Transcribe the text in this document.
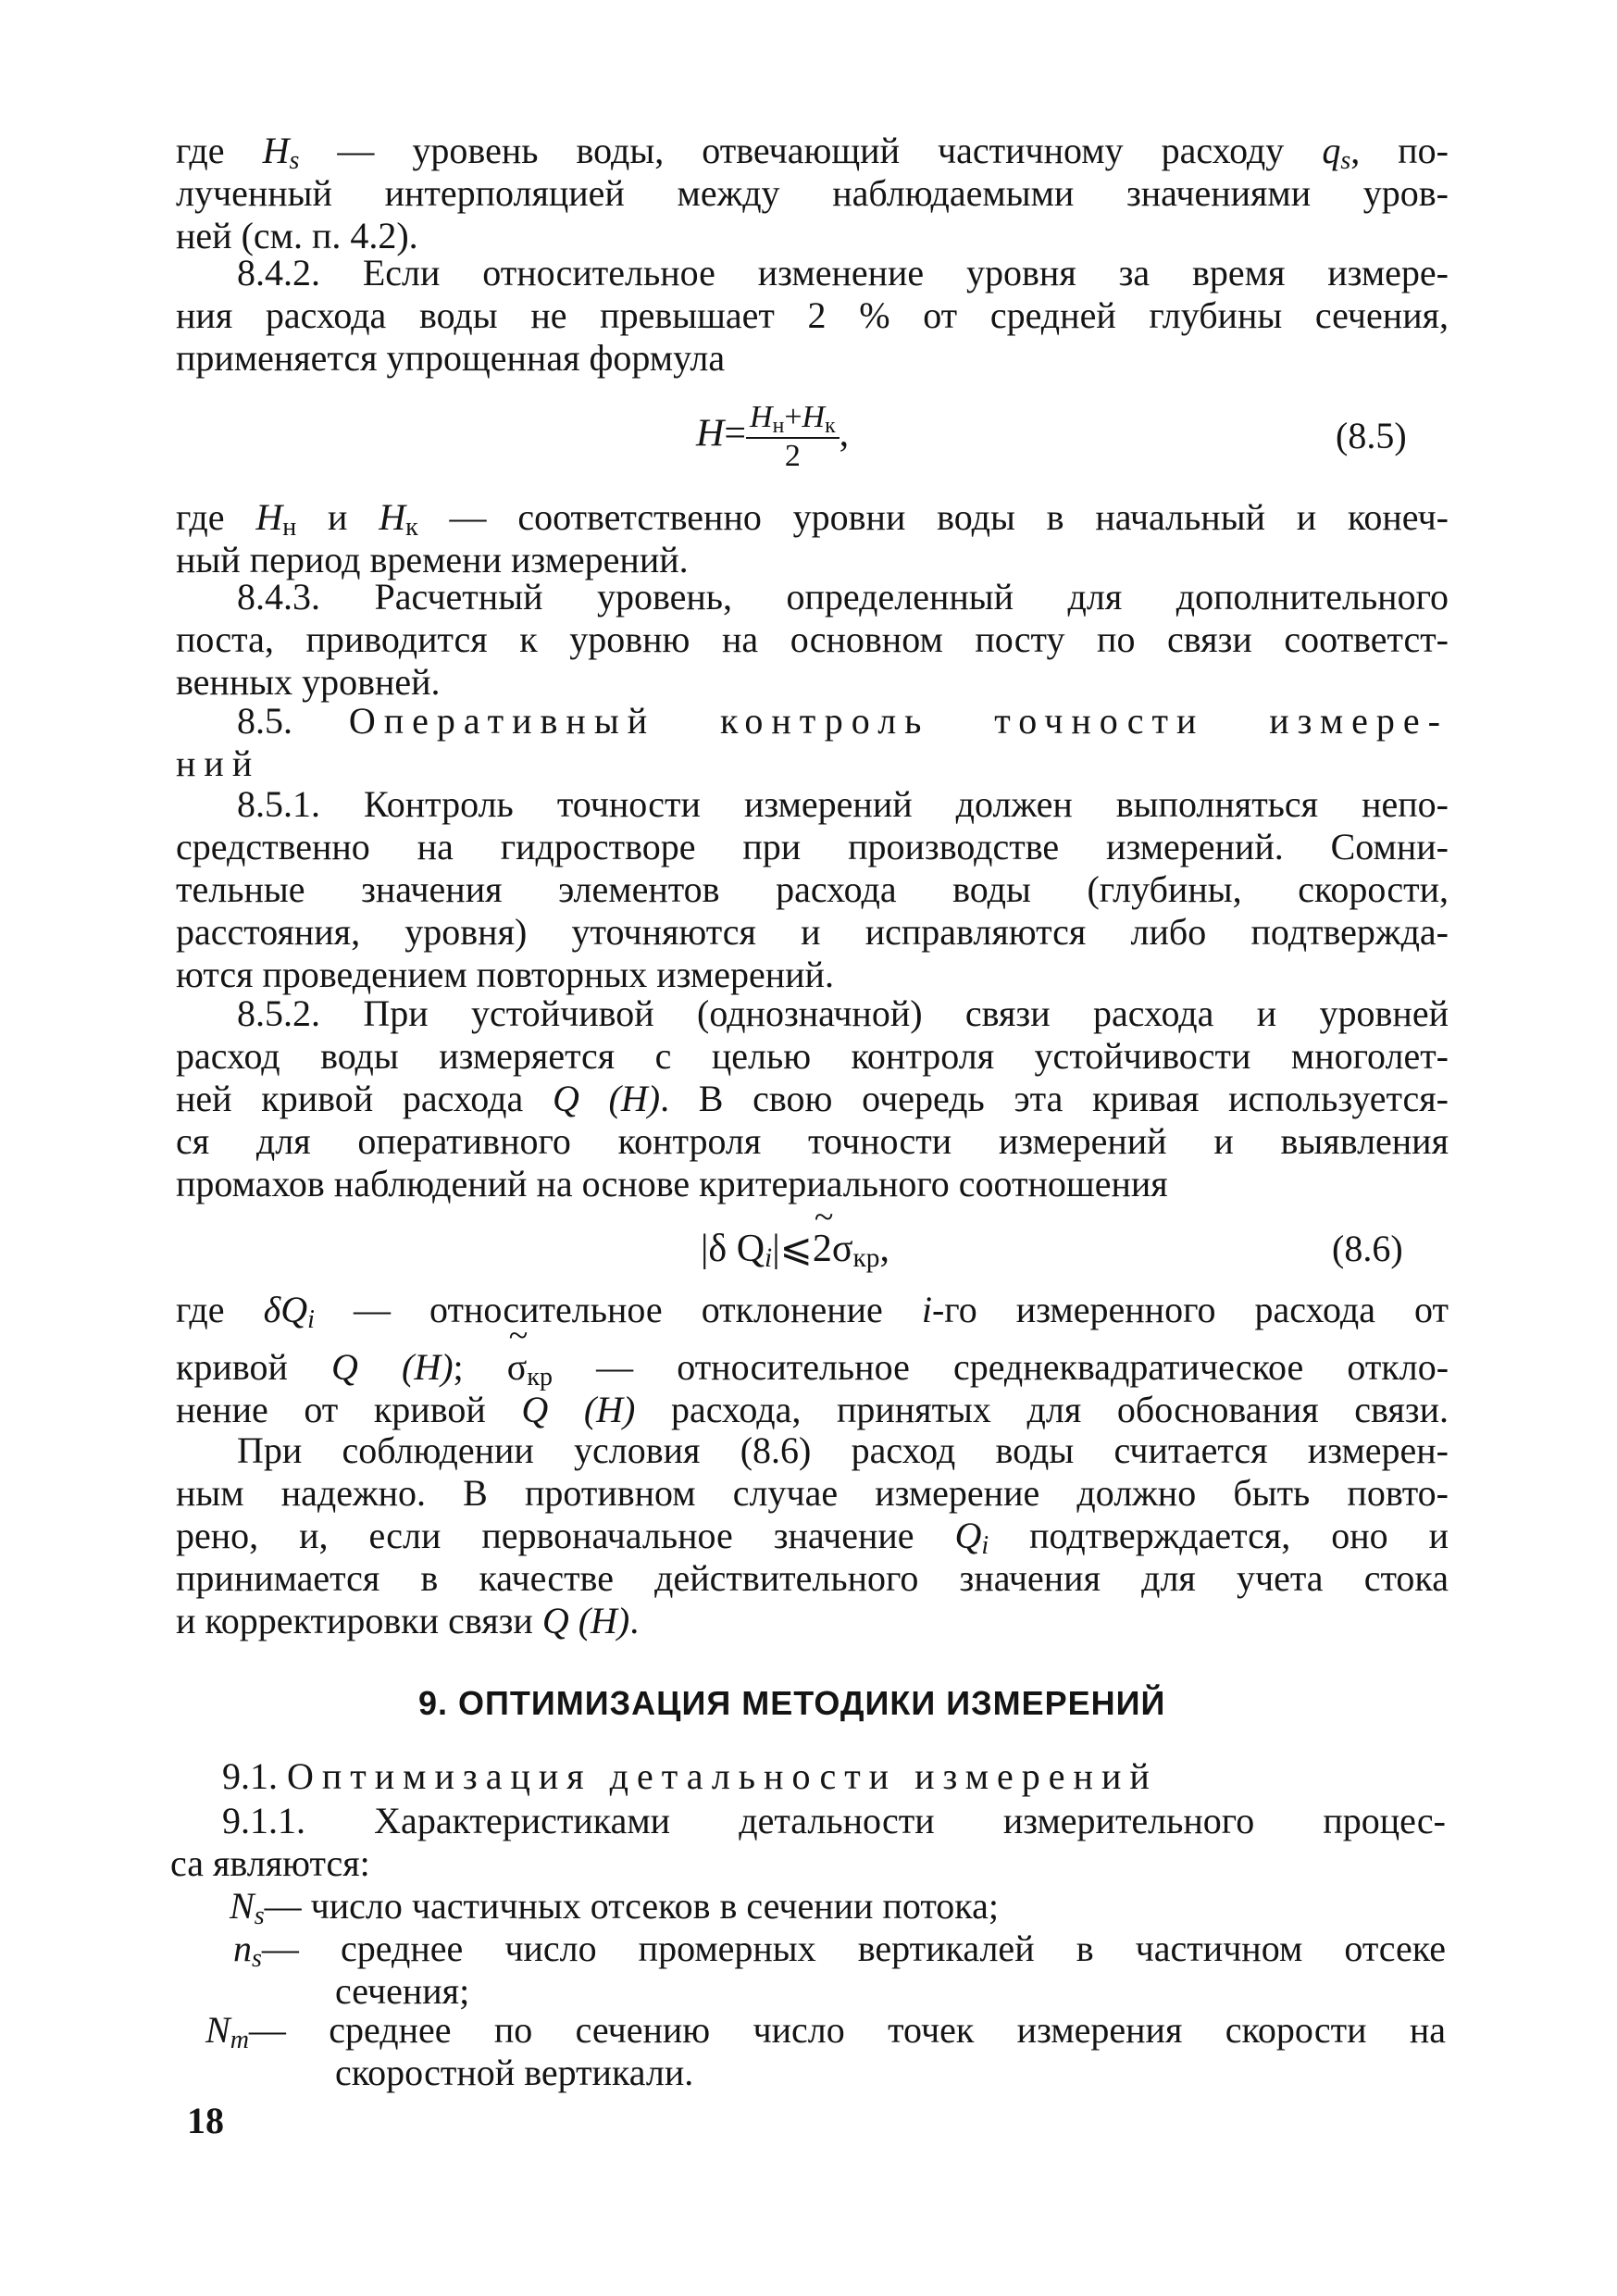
где $H_s$ — уровень воды, отвечающий частичному расходу $q_s$, по-
лученный интерполяцией между наблюдаемыми значениями уров-
ней (см. п. 4.2).
8.4.2. Если относительное изменение уровня за время измере-
ния расхода воды не превышает 2 % от средней глубины сечения,
применяется упрощенная формула
$H= \frac{H_н+H_к}{2}$ ,	(8.5)
где $H_н$ и $H_к$ — соответственно уровни воды в начальный и конеч-
ный период времени измерений.
8.4.3. Расчетный уровень, определенный для дополнительного
поста, приводится к уровню на основном посту по связи соответст-
венных уровней.
8.5. Оперативный контроль точности измере-
ний
8.5.1. Контроль точности измерений должен выполняться непо-
средственно на гидростворе при производстве измерений. Сомни-
тельные значения элементов расхода воды (глубины, скорости,
расстояния, уровня) уточняются и исправляются либо подтвержда-
ются проведением повторных измерений.
8.5.2. При устойчивой (однозначной) связи расхода и уровней
расход воды измеряется с целью контроля устойчивости многолет-
ней кривой расхода Q (H). В свою очередь эта кривая используется-
ся для оперативного контроля точности измерений и выявления
промахов наблюдений на основе критериального соотношения
|δ $Q_i|⩽\sim$ $2\sigma_{кр}$,	(8.6)
где $\delta Q_i$ — относительное отклонение i-го измеренного расхода от
кривой Q (H); ~ $\sigma_{кр}$ — относительное среднеквадратическое откло-
нение от кривой Q (H) расхода, принятых для обоснования связи.
При соблюдении условия (8.6) расход воды считается измерен-
ным надежно. В противном случае измерение должно быть повто-
рено, и, если первоначальное значение $Q_i$ подтверждается, оно и
принимается в качестве действительного значения для учета стока
и корректировки связи Q (H).
9. ОПТИМИЗАЦИЯ МЕТОДИКИ ИЗМЕРЕНИЙ
9.1. Оптимизация детальности измерений
9.1.1. Характеристиками детальности измерительного процес-
са являются:
$N_s—$ число частичных отсеков в сечении потока;
$n_s—$ среднее число промерных вертикалей в частичном отсеке
сечения;
$N_m—$ среднее по сечению число точек измерения скорости на
скоростной вертикали.
18
